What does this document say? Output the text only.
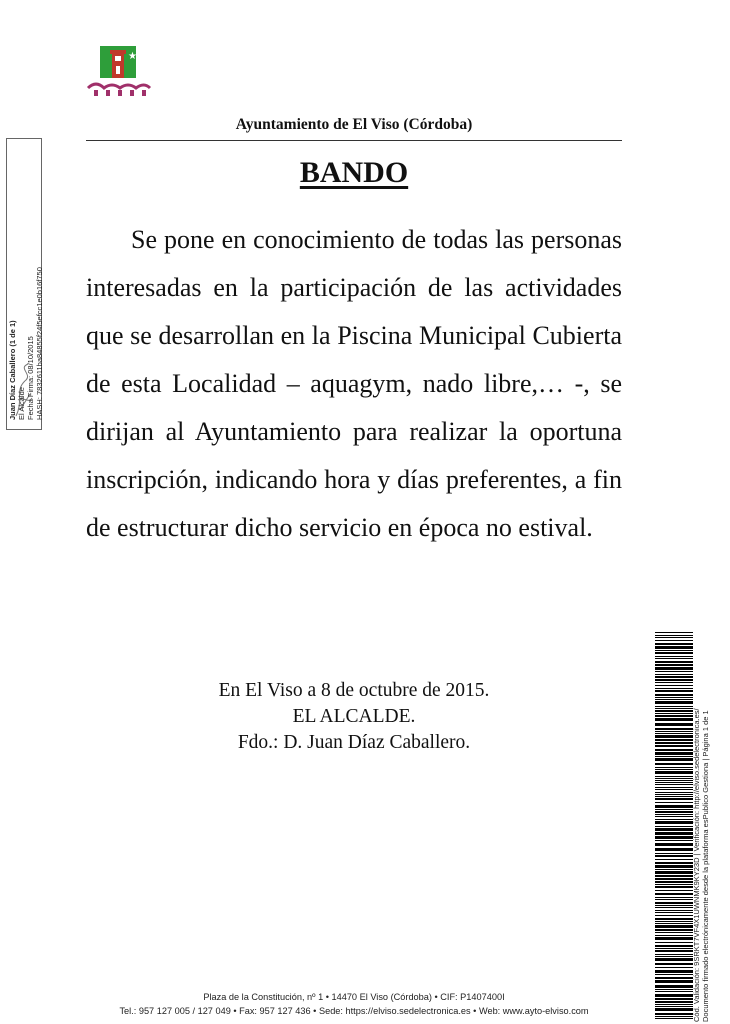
★
Ayuntamiento de El Viso (Córdoba)
BANDO

Se pone en conocimiento de todas las personas interesadas en la participación de las actividades que se desarrollan en la Piscina Municipal Cubierta de esta Localidad – aquagym, nado libre,… -, se dirijan al Ayuntamiento para realizar la oportuna inscripción, indicando hora y días preferentes, a fin de estructurar dicho servicio en época no estival.

En El Viso a 8 de octubre de 2015.
EL ALCALDE.
Fdo.: D. Juan Díaz Caballero.
Juan Díaz Caballero (1 de 1) El Alcalde Fecha Firma: 08/10/2015 HASH: 7832611ba84855f24f5efcc1e0b16f750
Cód. Validación: 9SRKT7VF4X1UWNMK9KY23D | Verificación: http://elviso.sedelectronica.es/ Documento firmado electrónicamente desde la plataforma esPublico Gestiona | Página 1 de 1
Plaza de la Constitución, nº 1 • 14470 El Viso (Córdoba) • CIF: P1407400I
Tel.: 957 127 005 / 127 049 • Fax: 957 127 436 • Sede: https://elviso.sedelectronica.es • Web: www.ayto-elviso.com
